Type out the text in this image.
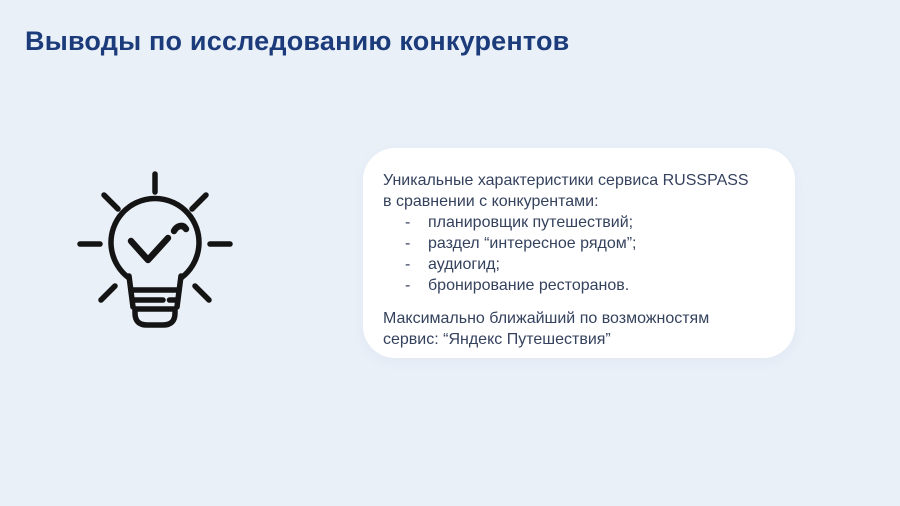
Выводы по исследованию конкурентов

Уникальные характеристики сервиса RUSSPASS
в сравнении с конкурентами:

-	планировщик путешествий;
-	раздел “интересное рядом”;
-	аудиогид;
-	бронирование ресторанов.

Максимально ближайший по возможностям
сервис: “Яндекс Путешествия”
